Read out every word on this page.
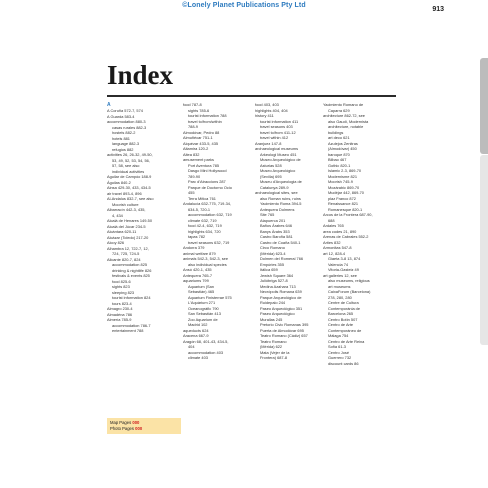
©Lonely Planet Publications Pty Ltd
913
Index
A
A Coruña 572-7, 574
A Guarda 583-4
accommodation 880-3
casas rurales 882-3
hostels 882-2
hotels 881
language 882-3
refugios 882
activities 26, 26-32, 49-50,
53, 49, 52, 53, 54, 56,
57, 58, see also
individual activities
Aguilar de Campóo 188-9
Águilas 840-2
Ainsa 429-30, 433, 434-5
air travel 893-4, 896
Al-Andalus 832-7, see also
Moorish culture
Albarracín 442-3, 435,
4, 434
Alcalá de Henares 149-50
Alcalá del Júcar 234-5
Alcántara 620-11
Alcázar (Toledo) 217-20
Alcoy 826
Alhambra 12, 722-7, 12,
724, 725, 724-5
Alicante 820-7, 824
accommodation 825
drinking & nightlife 826
festivals & events 825
food 825-6
sights 823
sleeping 823
tourist information 824
tours 823-4
Almagro 230-4
Almadéna 786
Almería 785-9
accommodation 786-7
entertainment 788
food 787-8
sights 785-6
tourist information 788
travel to/from/within
788-9
Almodóvar, Pedro 88
Almuñécar 751-1
Alquézar 433-5, 435
Altamira 120-2
Altea 832
amusement parks
Port Aventura 785
Dasgo Mini Hollywood
789-90
Parc d'Atraccions 287
Parque de Doctorno Ocio
455
Terra Mítica 761
Andalucía 632-775, 719-34,
634-5, 720-1
accommodation 632, 719
climate 632, 719
food 42-4, 632, 719
highlights 634, 720
tapas 782
travel seasons 632, 719
Andorra 379
animal welfare 879
animals 542-3, 542-3, see
also individual species
Ansó 420-1, 435
Antequera 765-7
aquariums 799
Aquarium (San
Sebastián) 465
Aquarium Finisterrae 575
L'Aquàrium 271
Oceanogràfic 790
San Sebastián 413
Zoo Aquarium de
Madrid 102
aqueducts 624
Aracena 667-9
Aragón 68, 401-43, 434-5,
404
accommodation 403
climate 403
food 403, 403
highlights 404, 404
history 411
tourist information 411
travel seasons 403
travel to/from 411-12
travel within 412
Aranjuez 147-8
archaeological museums
Arkeologi Museo 451
Museo Arqueológico de
Asturias 528
Museo Arqueológico
(Sevilla) 695
Museu d'Arqueologia de
Catalunya 289-9
archaeological sites, see
also Roman ruins, ruins
Yacimiento Roma 394-5
Antequera Dolmens
Site 765
Atapuerca 201
Baños Árabes 646
Banys Àrabs 353
Castro Baroña 581
Castro de Coaña 540-1
Circo Romano
(Mérida) 623-4
Dolmen del Romeral 766
Empúries 355
Itálica 659
Jewish Square 364
Julióbriga 527-8
Medina Azahara 713
Necrópolis Romana 639
Parque Arqueológico de
Ruidepalo 244
Paseo Arqueológico 351
Paseo Arqueológico
Murallas 245
Pretorio Civic Romanas 395
Puerta de Almodóvar 695
Teatro Romano (Cádiz) 657
Teatro Romano
(Mérida) 622
Mata (Vejer de la
Frontera) 687-8
Yacimiento Romano de
Caparra 629
architecture 862-72, see
also Gaudí, Modernista
architecture, notable
buildings
art deco 621
Azulejos Zenitras
(Almodóvar) 450
baroque 870
Bilbao 467
Gothic 820-1
Islamic 2-3, 869-70
Modernisme 821
Moorish 745-9
Mozárabic 869-70
Mudéjar 442, 869-70
plaz Franco 872
Renaissance 821
Romanesque 820-1
Arcos de la Frontera 687-90,
688
Ardales 765
area codes 21, 890
Arenas de Cabrales 552-2
Arties 832
Armonitas 547-8
art 12, 828-4
Giaeta 3-8 13, 874
Valencia 74
Vitoria-Gasteiz 49
art galleries 12, see
also museums, religious
art museums
CaixaForum (Barcelona)
278, 280, 280
Centre de Cultura
Contemporània de
Barcelona 265
Centro Botín 507
Centro de Arte
Contemporáneo de
Málaga 754
Centro de Arte Reina
Sofía 61-3
Centro José
Guerrero 732
discount cards 86
Map Pages 000
Photo Pages 000
